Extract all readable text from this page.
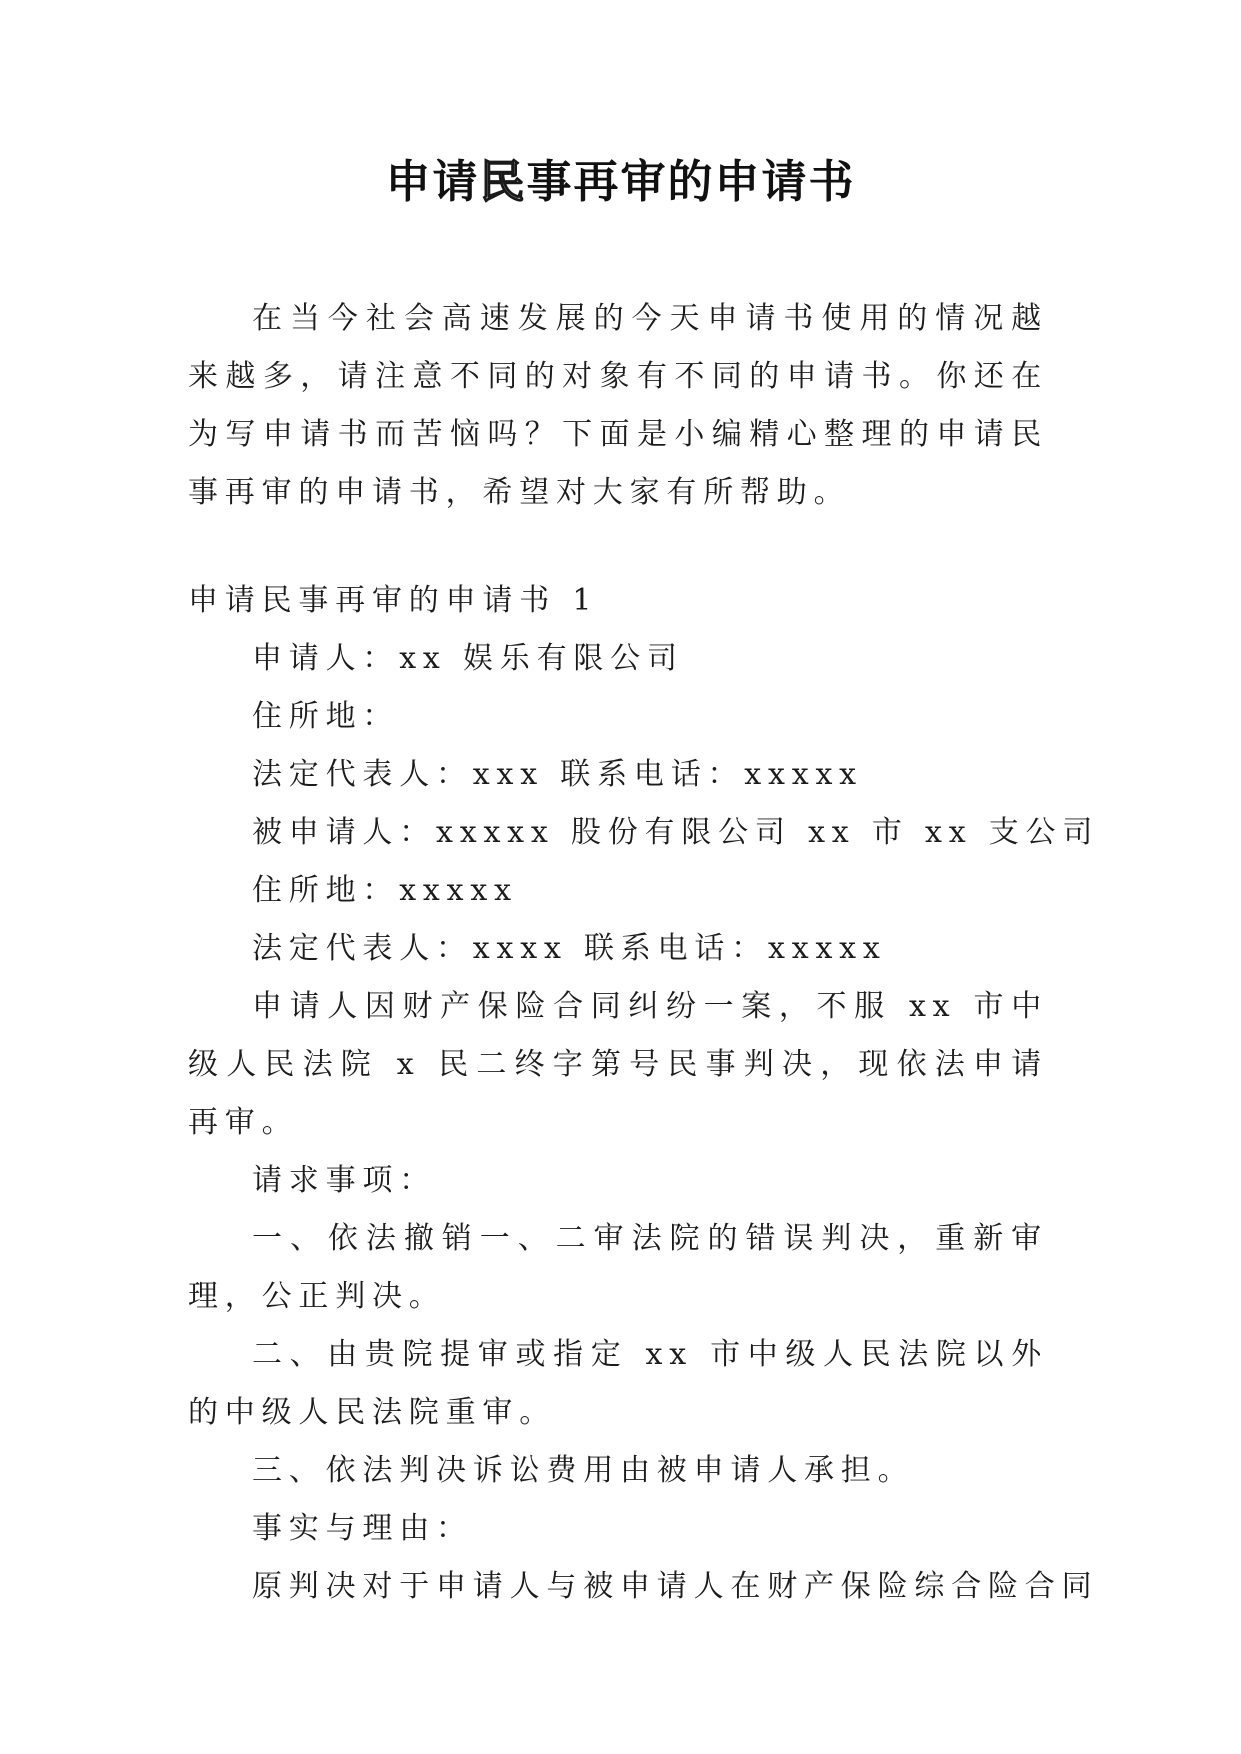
申请民事再审的申请书

在当今社会高速发展的今天申请书使用的情况越来越多，请注意不同的对象有不同的申请书。你还在为写申请书而苦恼吗？下面是小编精心整理的申请民事再审的申请书，希望对大家有所帮助。

申请民事再审的申请书 1
申请人：xx 娱乐有限公司
住所地：
法定代表人：xxx 联系电话：xxxxx
被申请人：xxxxx 股份有限公司 xx 市 xx 支公司
住所地：xxxxx
法定代表人：xxxx 联系电话：xxxxx

申请人因财产保险合同纠纷一案，不服 xx 市中级人民法院 x 民二终字第号民事判决，现依法申请再审。

请求事项：

一、依法撤销一、二审法院的错误判决，重新审理，公正判决。

二、由贵院提审或指定 xx 市中级人民法院以外的中级人民法院重审。

三、依法判决诉讼费用由被申请人承担。
事实与理由：
原判决对于申请人与被申请人在财产保险综合险合同
